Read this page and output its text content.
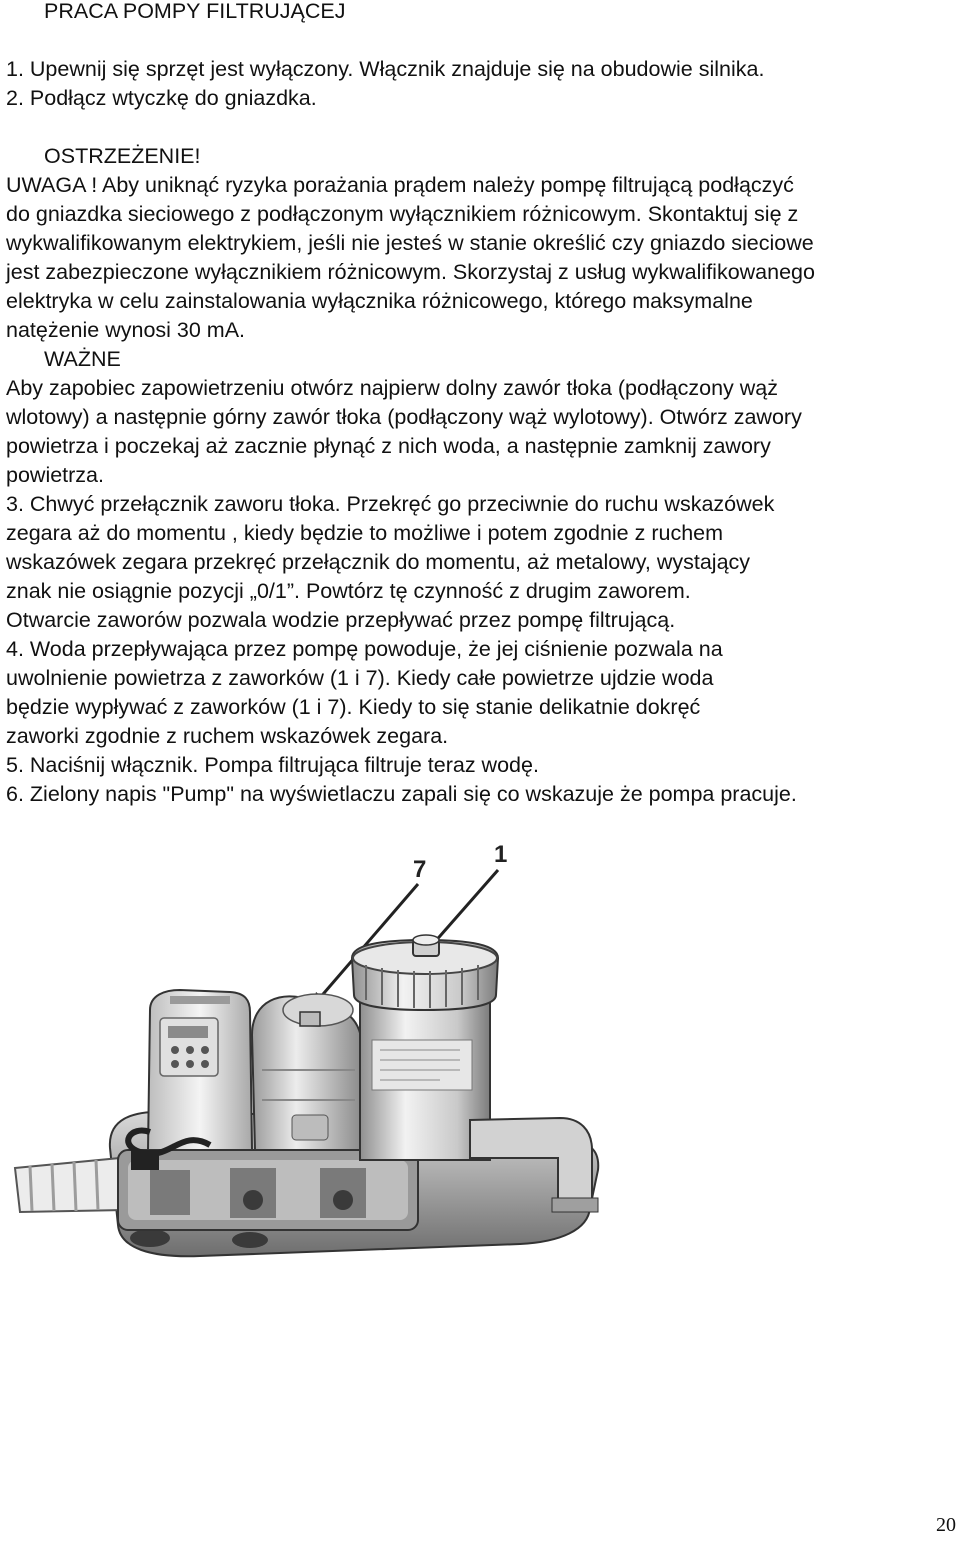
PRACA POMPY FILTRUJĄCEJ
1. Upewnij się sprzęt jest wyłączony. Włącznik znajduje się na obudowie silnika.
2. Podłącz wtyczkę do gniazdka.
OSTRZEŻENIE!
UWAGA ! Aby uniknąć ryzyka porażania prądem należy pompę filtrującą podłączyć
do gniazdka sieciowego z podłączonym wyłącznikiem różnicowym. Skontaktuj się z
wykwalifikowanym elektrykiem, jeśli nie jesteś w stanie określić czy gniazdo sieciowe
jest zabezpieczone wyłącznikiem różnicowym. Skorzystaj z usług wykwalifikowanego
elektryka w celu zainstalowania wyłącznika różnicowego, którego maksymalne
natężenie wynosi 30 mA.
WAŻNE
Aby zapobiec zapowietrzeniu otwórz najpierw dolny zawór tłoka (podłączony wąż
wlotowy) a następnie górny zawór tłoka (podłączony wąż wylotowy). Otwórz zawory
powietrza i poczekaj aż zacznie płynąć z nich woda, a następnie zamknij zawory
powietrza.
3. Chwyć przełącznik zaworu tłoka. Przekręć go przeciwnie do ruchu wskazówek
zegara aż do momentu , kiedy będzie to możliwe i potem zgodnie z ruchem
wskazówek zegara przekręć przełącznik do momentu, aż metalowy, wystający
znak nie osiągnie pozycji „0/1”. Powtórz tę czynność z drugim zaworem.
Otwarcie zaworów pozwala wodzie przepływać przez pompę filtrującą.
4. Woda przepływająca przez pompę powoduje, że jej ciśnienie pozwala na
uwolnienie powietrza z zaworków (1 i 7). Kiedy całe powietrze ujdzie woda
będzie wypływać z zaworków (1 i 7). Kiedy to się stanie delikatnie dokręć
zaworki zgodnie z ruchem wskazówek zegara.
5. Naciśnij włącznik. Pompa filtrująca filtruje teraz wodę.
6. Zielony napis "Pump" na wyświetlaczu zapali się co wskazuje że pompa pracuje.
7
1
20
